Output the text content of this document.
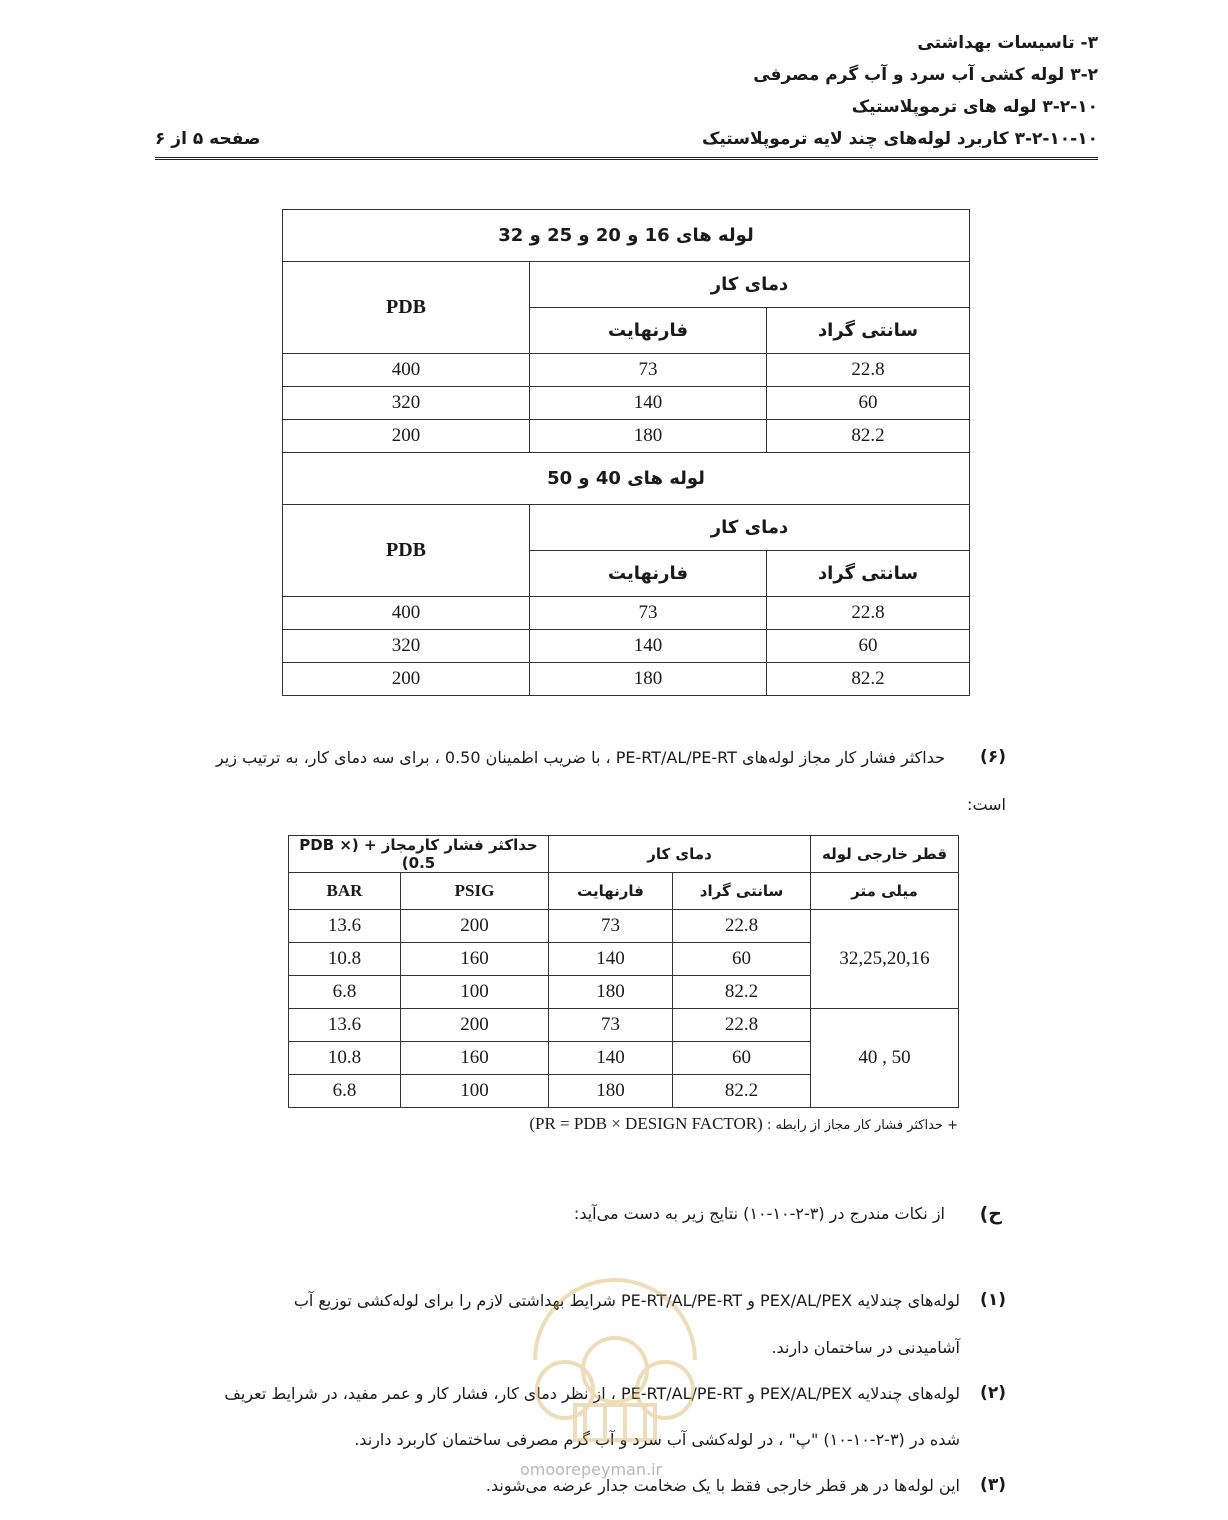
۳- تاسیسات بهداشتی
۳-۲ لوله کشی آب سرد و آب گرم مصرفی
۳-۲-۱۰ لوله های ترموپلاستیک
۳-۲-۱۰-۱۰ کاربرد لوله‌های چند لایه ترموپلاستیک
صفحه ۵ از ۶
لوله های 16 و 20 و 25 و 32		
دمای کار		PDB
سانتی گراد	فارنهایت	
22.8	73	400
60	140	320
82.2	180	200
لوله های 40 و 50		
دمای کار		PDB
سانتی گراد	فارنهایت	
22.8	73	400
60	140	320
82.2	180	200
(۶)
حداکثر فشار کار مجاز لوله‌های PE-RT/AL/PE-RT ، با ضریب اطمینان 0.50 ، برای سه دمای کار، به ترتیب زیر
است:
قطر خارجی لوله	دمای کار		حداکثر فشار کارمجاز + (PDB × 0.5)	
میلی متر	سانتی گراد	فارنهایت	PSIG	BAR
32,25,20,16	22.8	73	200	13.6
	60	140	160	10.8
	82.2	180	100	6.8
50 , 40	22.8	73	200	13.6
	60	140	160	10.8
	82.2	180	100	6.8
+ حداکثر فشار کار مجاز از رابطه : (PR = PDB × DESIGN FACTOR)
ح)
از نکات مندرج در (۳-۲-۱۰-۱۰) نتایج زیر به دست می‌آید:
(۱)
لوله‌های چندلایه PEX/AL/PEX و PE-RT/AL/PE-RT شرایط بهداشتی لازم را برای لوله‌کشی توزیع آب
آشامیدنی در ساختمان دارند.
(۲)
لوله‌های چندلایه PEX/AL/PEX و PE-RT/AL/PE-RT ، از نظر دمای کار، فشار کار و عمر مفید، در شرایط تعریف
شده در (۳-۲-۱۰-۱۰) "پ" ، در لوله‌کشی آب سرد و آب گرم مصرفی ساختمان کاربرد دارند.
(۳)
این لوله‌ها در هر قطر خارجی فقط با یک ضخامت جدار عرضه می‌شوند.
omoorepeyman.ir
